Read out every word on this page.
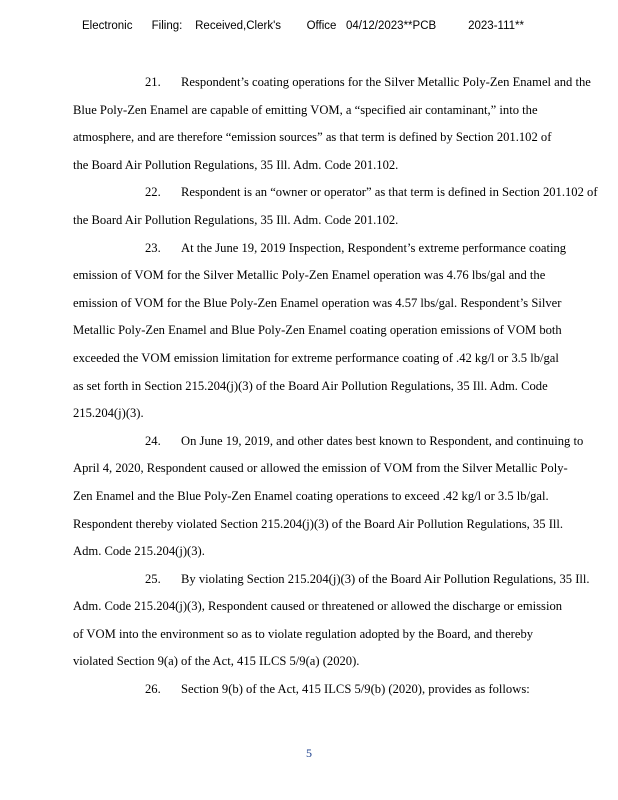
Electronic      Filing:    Received,Clerk's        Office   04/12/2023**PCB          2023-111**
21. Respondent’s coating operations for the Silver Metallic Poly-Zen Enamel and the
Blue Poly-Zen Enamel are capable of emitting VOM, a “specified air contaminant,” into the
atmosphere, and are therefore “emission sources” as that term is defined by Section 201.102 of
the Board Air Pollution Regulations, 35 Ill. Adm. Code 201.102.
22. Respondent is an “owner or operator” as that term is defined in Section 201.102 of
the Board Air Pollution Regulations, 35 Ill. Adm. Code 201.102.
23. At the June 19, 2019 Inspection, Respondent’s extreme performance coating
emission of VOM for the Silver Metallic Poly-Zen Enamel operation was 4.76 lbs/gal and the
emission of VOM for the Blue Poly-Zen Enamel operation was 4.57 lbs/gal. Respondent’s Silver
Metallic Poly-Zen Enamel and Blue Poly-Zen Enamel coating operation emissions of VOM both
exceeded the VOM emission limitation for extreme performance coating of .42 kg/l or 3.5 lb/gal
as set forth in Section 215.204(j)(3) of the Board Air Pollution Regulations, 35 Ill. Adm. Code
215.204(j)(3).
24. On June 19, 2019, and other dates best known to Respondent, and continuing to
April 4, 2020, Respondent caused or allowed the emission of VOM from the Silver Metallic Poly-
Zen Enamel and the Blue Poly-Zen Enamel coating operations to exceed .42 kg/l or 3.5 lb/gal.
Respondent thereby violated Section 215.204(j)(3) of the Board Air Pollution Regulations, 35 Ill.
Adm. Code 215.204(j)(3).
25. By violating Section 215.204(j)(3) of the Board Air Pollution Regulations, 35 Ill.
Adm. Code 215.204(j)(3), Respondent caused or threatened or allowed the discharge or emission
of VOM into the environment so as to violate regulation adopted by the Board, and thereby
violated Section 9(a) of the Act, 415 ILCS 5/9(a) (2020).
26. Section 9(b) of the Act, 415 ILCS 5/9(b) (2020), provides as follows:
5
